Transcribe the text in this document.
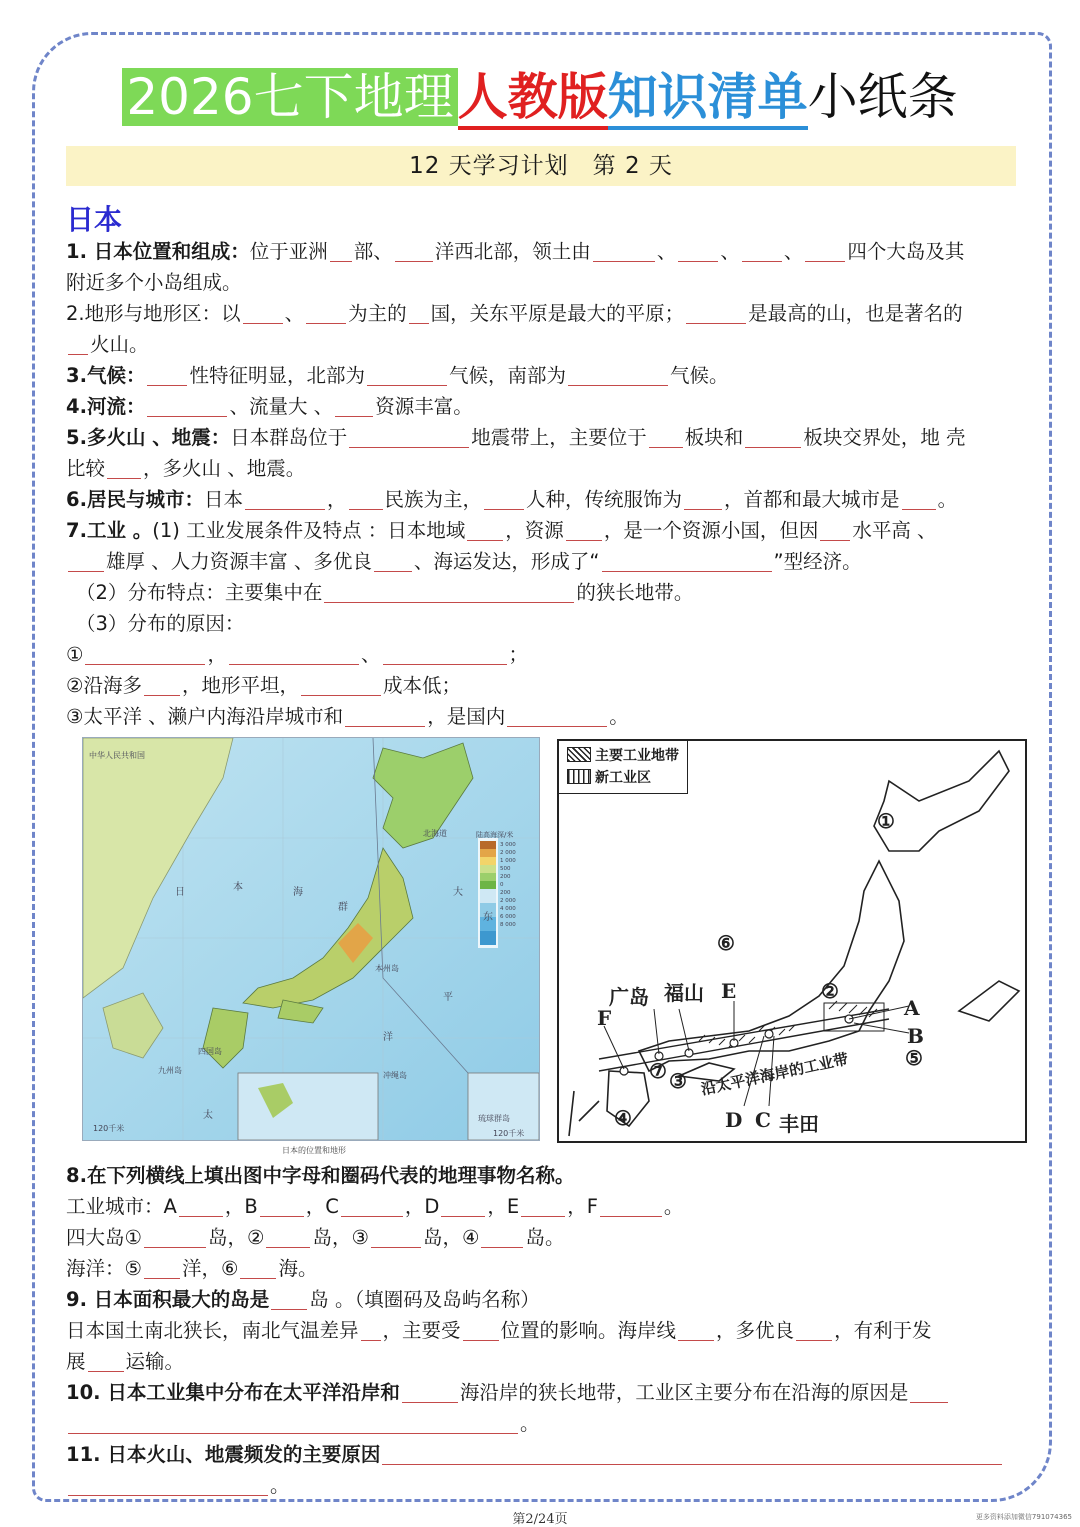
2026七下地理人教版知识清单小纸条
12 天学习计划　第 2 天
日本

1. 日本位置和组成：位于亚洲 部、 洋西北部，领土由	、 、 、 四个大岛及其
附近多个小岛组成。

2.地形与地形区：以 、 为主的 国，关东平原是最大的平原；	是最高的山，也是著名的
火山。

3.气候： 性特征明显，北部为	气候，南部为	气候。

4.河流：	、流量大 、 资源丰富。

5.多火山 、地震：日本群岛位于	地震带上，主要位于 板块和	板块交界处，地 壳
比较 ，多火山 、地震。

6.居民与城市：日本	， 民族为主， 人种，传统服饰为 ，首都和最大城市是 。

7.工业 。(1) 工业发展条件及特点 ：日本地域 ，资源 ，是一个资源小国，但因 水平高 、
雄厚 、人力资源丰富 、多优良 、海运发达，形成了“	”型经济。

（2）分布特点：主要集中在	的狭长地带。

（3）分布的原因：

①	，	、	；

②沿海多 ，地形平坦，	成本低；

③太平洋 、濑户内海沿岸城市和	，是国内	。

中华人民共和国
日	本	海
北海道
本州岛
四国岛
九州岛
冲绳岛
太
平
洋
大
东
群
琉球群岛
120千米
120千米
陆高海深/米
3 000
2 000
1 000
500
200
0
200
2 000
4 000
6 000
8 000
日本的位置和地形
主要工业地带
新工业区
①
②
③
④
⑤
⑥
⑦
A
B
C
D
E
F
广岛 福山
丰田
沿太平洋海岸的工业带

8.在下列横线上填出图中字母和圈码代表的地理事物名称。

工业城市：A ，B ，C	，D ，E ，F	。

四大岛①	岛，② 岛，③	岛，④ 岛。

海洋：⑤ 洋，⑥ 海。

9. 日本面积最大的岛是 岛 。（填圈码及岛屿名称）

日本国土南北狭长，南北气温差异 ，主要受 位置的影响。海岸线 ，多优良 ，有利于发
展 运输。

10. 日本工业集中分布在太平洋沿岸和	海沿岸的狭长地带，工业区主要分布在沿海的原因是
。

11. 日本火山、地震频发的主要原因
。

第2/24页	更多资料添加微信791074365
